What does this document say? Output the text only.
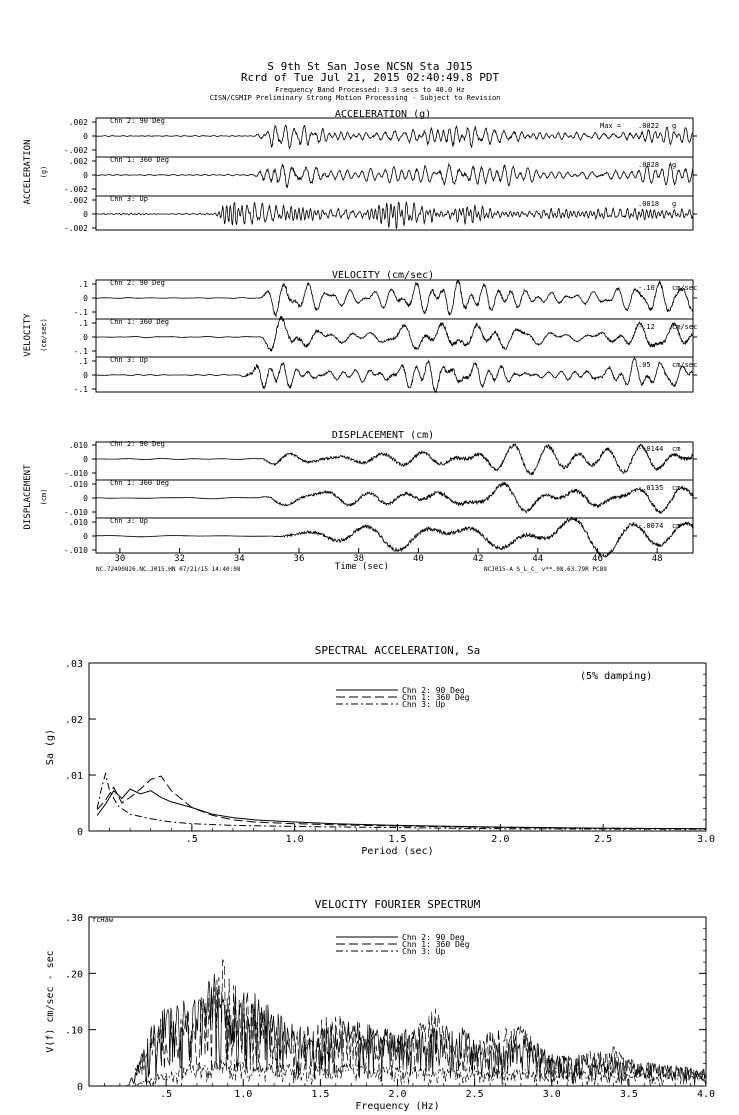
S 9th St San Jose NCSN Sta J015
Rcrd of Tue Jul 21, 2015 02:40:49.8 PDT
Frequency Band Processed: 3.3 secs to 40.0 Hz
CISN/CSMIP Preliminary Strong Motion Processing - Subject to Revision
ACCELERATION (g)
ACCELERATION (g)
.002
0
-.002
Chn 2: 90 Deg
Max = .0022 g
.002
0
-.002
Chn 1: 360 Deg
.0028 g
.002
0
-.002
Chn 3: Up
.0018 g
VELOCITY (cm/sec)
VELOCITY (cm/sec)
.1
0
-.1
Chn 2: 90 Deg
-.10 cm/sec
.1
0
-.1
Chn 1: 360 Deg
-.12 cm/sec
.1
0
-.1
Chn 3: Up
.05	cm/sec
DISPLACEMENT (cm)
DISPLACEMENT (cm)
.010
0
-.010
Chn 2: 90 Deg
-.0144 cm
.010
0
-.010
Chn 1: 360 Deg
-.0135 cm
.010
0
-.010
Chn 3: Up
-.0074 cm
30	32	34	36	38	40	42	44	46	48
Time (sec)
NC.72490826.NC.J015.HN 07/21/15 14:40:08	NCJ015-A S_L_C_ v**.08.63.79R PC89
SPECTRAL ACCELERATION, Sa
.5	1.0	1.5	2.0	2.5	3.0
0
.01
.02
.03
Period (sec)
Sa (g)
(5% damping)
Chn 2: 90 Deg
Chn 1: 360 Deg
Chn 3: Up
VELOCITY FOURIER SPECTRUM
.5	1.0	1.5	2.0	2.5	3.0	3.5	4.0
0
.10
.20
.30
Frequency (Hz)
V(f) cm/sec - sec
fcHaw
Chn 2: 90 Deg
Chn 1: 360 Deg
Chn 3: Up
